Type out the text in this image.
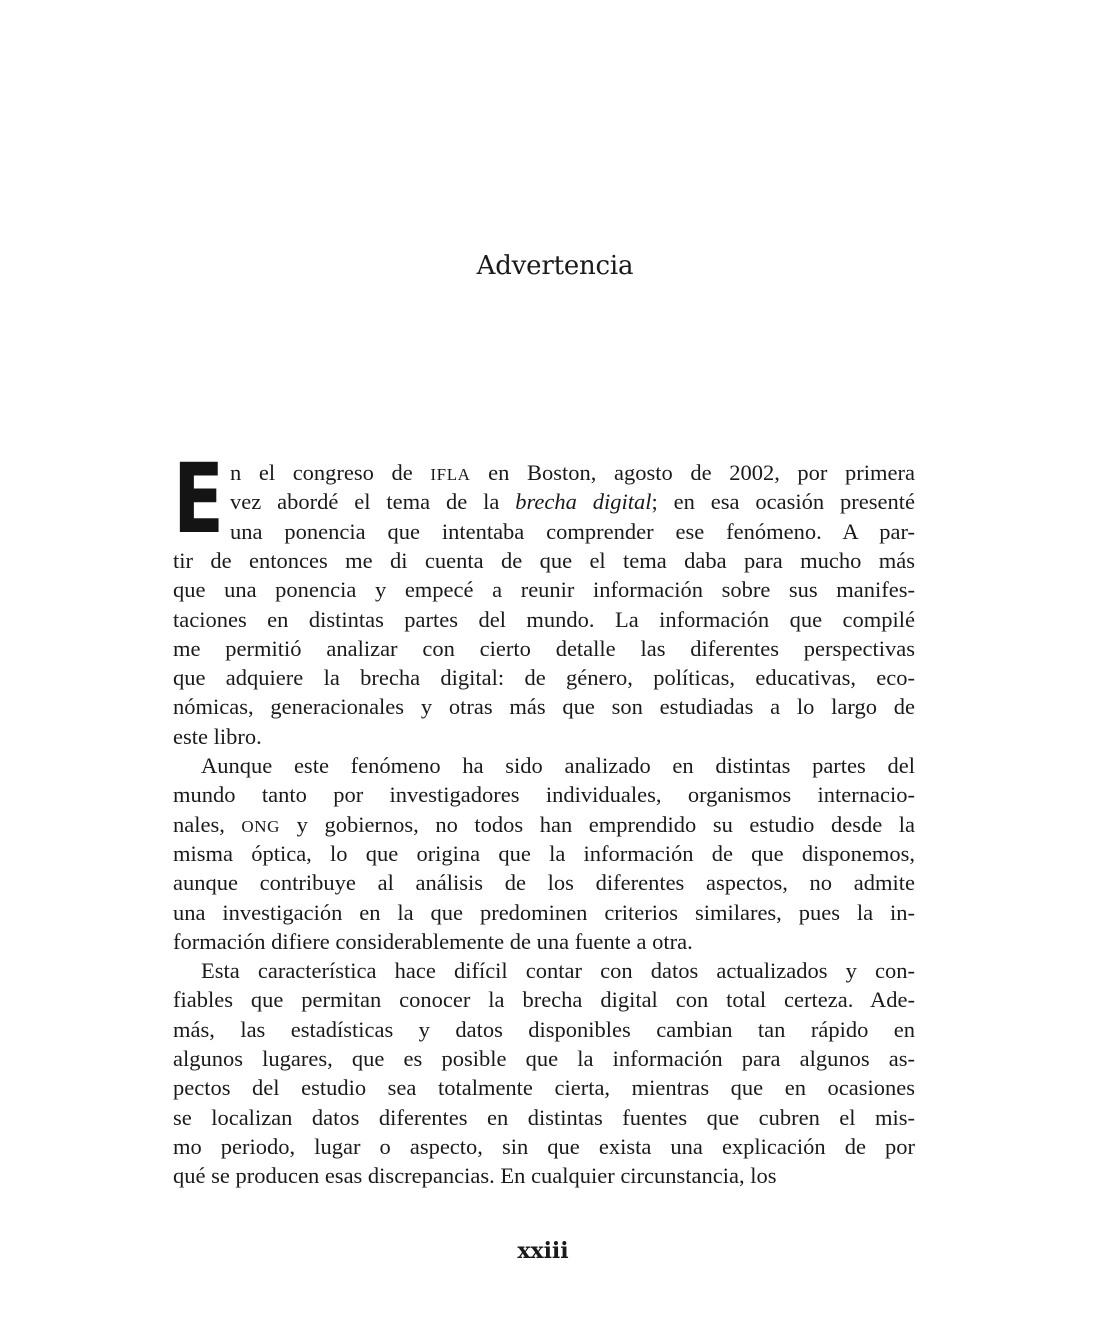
Advertencia
E n el congreso de IFLA en Boston, agosto de 2002, por primera
vez abordé el tema de la brecha digital; en esa ocasión presenté
una ponencia que intentaba comprender ese fenómeno. A par-
tir de entonces me di cuenta de que el tema daba para mucho más
que una ponencia y empecé a reunir información sobre sus manifes-
taciones en distintas partes del mundo. La información que compilé
me permitió analizar con cierto detalle las diferentes perspectivas
que adquiere la brecha digital: de género, políticas, educativas, eco-
nómicas, generacionales y otras más que son estudiadas a lo largo de
este libro.
Aunque este fenómeno ha sido analizado en distintas partes del
mundo tanto por investigadores individuales, organismos internacio-
nales, ONG y gobiernos, no todos han emprendido su estudio desde la
misma óptica, lo que origina que la información de que disponemos,
aunque contribuye al análisis de los diferentes aspectos, no admite
una investigación en la que predominen criterios similares, pues la in-
formación difiere considerablemente de una fuente a otra.
Esta característica hace difícil contar con datos actualizados y con-
fiables que permitan conocer la brecha digital con total certeza. Ade-
más, las estadísticas y datos disponibles cambian tan rápido en
algunos lugares, que es posible que la información para algunos as-
pectos del estudio sea totalmente cierta, mientras que en ocasiones
se localizan datos diferentes en distintas fuentes que cubren el mis-
mo periodo, lugar o aspecto, sin que exista una explicación de por
qué se producen esas discrepancias. En cualquier circunstancia, los
xxiii
